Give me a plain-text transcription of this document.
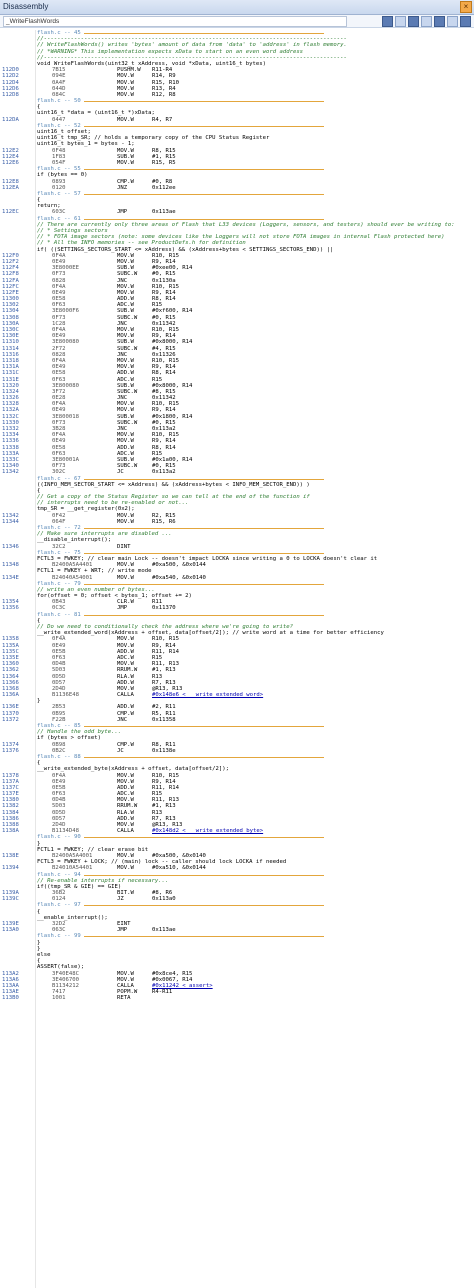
Disassembly	×
_WriteFlashWords
flash.c -- 45
//------------------------------------------------------------------------------------------
// WriteFlashWords() writes 'bytes' amount of data from 'data' to 'address' in flash memory.
// *WARNING* This implementation expects xData to start on an even word address
//------------------------------------------------------------------------------------------
void WriteFlashWords(uint32_t xAddress, void *xData, uint16_t bytes)
112D0	7B15	PUSHM.W R11-R4
112D2	094E	MOV.W	R14, R9
112D4	0A4F	MOV.W	R15, R10
112D6	044D	MOV.W	R13, R4
112D8	084C	MOV.W	R12, R8
flash.c -- 50
{
uint16_t *data = (uint16_t *)xData;
112DA	0447	MOV.W	R4, R7
flash.c -- 52
uint16_t offset;
uint16_t tmp_SR; // holds a temporary copy of the CPU Status Register
uint16_t bytes_1 = bytes - 1;
112E2	0F48	MOV.W	R8, R15
112E4	1F83	SUB.W	#1, R15
112E6	054F	MOV.W	R15, R5
flash.c -- 55
if (bytes == 0)
112E8	0893	CMP.W	#0, R8
112EA	0120	JNZ	0x112ee
flash.c -- 57
{
return;
112EC	603C	JMP	0x113ae
flash.c -- 61
// There are currently only three areas of Flash that L33 devices (Loggers, sensors, and testers) should ever be writing to:
// * Settings sectors
// * FOTA image sectors (note: some devices like the Loggers will not store FOTA images in internal Flash protected here)
// * All the INFO memories -- see ProductDefs.h for definition
if( ((SETTINGS_SECTORS_START <= xAddress) && (xAddress+bytes < SETTINGS_SECTORS_END)) ||
112F0	0F4A	MOV.W	R10, R15
112F2	0E49	MOV.W	R9, R14
112F4	3E8000EE	SUB.W	#0xee00, R14
112F8	0F73	SUBC.W	#0, R15
112FA	0828	JNC	0x1130a
112FC	0F4A	MOV.W	R10, R15
112FE	0E49	MOV.W	R9, R14
11300	0E58	ADD.W	R8, R14
11302	0F63	ADC.W	R15
11304	3E8000F6	SUB.W	#0xf600, R14
11308	0F73	SUBC.W	#0, R15
1130A	1C28	JNC	0x11342
1130C	0F4A	MOV.W	R10, R15
1130E	0E49	MOV.W	R9, R14
11310	3E800080	SUB.W	#0x8000, R14
11314	2F72	SUBC.W	#4, R15
11316	0828	JNC	0x11326
11318	0F4A	MOV.W	R10, R15
1131A	0E49	MOV.W	R9, R14
1131C	0E58	ADD.W	R8, R14
1131E	0F63	ADC.W	R15
11320	3E800080	SUB.W	#0x8000, R14
11324	3F72	SUBC.W	#8, R15
11326	0E28	JNC	0x11342
11328	0F4A	MOV.W	R10, R15
1132A	0E49	MOV.W	R9, R14
1132C	3E800018	SUB.W	#0x1800, R14
11330	0F73	SUBC.W	#0, R15
11332	3B28	JNC	0x113a2
11334	0F4A	MOV.W	R10, R15
11336	0E49	MOV.W	R9, R14
11338	0E58	ADD.W	R8, R14
1133A	0F63	ADC.W	R15
1133C	3E80001A	SUB.W	#0x1a00, R14
11340	0F73	SUBC.W	#0, R15
11342	302C	JC	0x113a2
flash.c -- 67
((INFO_MEM_SECTOR_START <= xAddress) && (xAddress+bytes < INFO_MEM_SECTOR_END)) )
{
// Get a copy of the Status Register so we can tell at the end of the function if
// interrupts need to be re-enabled or not...
tmp_SR = __get_register(0x2);
11342	0F42	MOV.W	R2, R15
11344	064F	MOV.W	R15, R6
flash.c -- 72
// Make sure interrupts are disabled ...
__disable_interrupt();
11346	32C2	DINT
flash.c -- 75
FCTL3 = FWKEY; // clear main Lock -- doesn't impact LOCKA since writing a 0 to LOCKA doesn't clear it
11348	B2400A5A4401	MOV.W	#0xa500, &0x0144
FCTL1 = FWKEY + WRT; // write mode
1134E	B24040A54001	MOV.W	#0xa540, &0x0140
flash.c -- 79
// write an even number of bytes...
for(offset = 0; offset < bytes_1; offset += 2)
11354	0B43	CLR.W	R11
11356	0C3C	JMP	0x11370
flash.c -- 81
{
// Do we need to conditionally check the address where we're going to write?
__write_extended_word(xAddress + offset, data[offset/2]); // write word at a time for better efficiency
11358	0F4A	MOV.W	R10, R15
1135A	0E49	MOV.W	R9, R14
1135C	0E5B	ADD.W	R11, R14
1135E	0F63	ADC.W	R15
11360	0D4B	MOV.W	R11, R13
11362	5D03	RRUM.W	#1, R13
11364	0D5D	RLA.W	R13
11366	0D57	ADD.W	R7, R13
11368	2D4D	MOV.W	@R13, R13
1136A	B1136E48	CALLA	#0x148e6 <___write_extended_word>
}
1136E	2B53	ADD.W	#2, R11
11370	0B95	CMP.W	R5, R11
11372	F22B	JNC	0x11358
flash.c -- 85
// Handle the odd byte...
if (bytes > offset)
11374	0B98	CMP.W	R8, R11
11376	0B2C	JC	0x1138e
flash.c -- 88
{
__write_extended_byte(xAddress + offset, data[offset/2]);
11378	0F4A	MOV.W	R10, R15
1137A	0E49	MOV.W	R9, R14
1137C	0E5B	ADD.W	R11, R14
1137E	0F63	ADC.W	R15
11380	0D4B	MOV.W	R11, R13
11382	5D03	RRUM.W	#1, R13
11384	0D5D	RLA.W	R13
11386	0D57	ADD.W	R7, R13
11388	2D4D	MOV.W	@R13, R13
1138A	B1134D48	CALLA	#0x148d2 <___write_extended_byte>
flash.c -- 90
}
FCTL1 = FWKEY; // clear erase bit
1138E	B2400A5A4001	MOV.W	#0xa500, &0x0140
FCTL3 = FWKEY + LOCK; // (main) lock -- caller should lock LOCKA if needed
11394	B24010A54401	MOV.W	#0xa510, &0x0144
flash.c -- 94
// Re-enable interrupts if necessary...
if((tmp_SR & GIE) == GIE)
1139A	36B2	BIT.W	#8, R6
1139C	0124	JZ	0x113a0
flash.c -- 97
{
__enable_interrupt();
1139E	32D2	EINT
113A0	063C	JMP	0x113ae
flash.c -- 99
}
}
else
{
ASSERT(false);
113A2	3F40E48C	MOV.W	#0x8ce4, R15
113A6	3E406700	MOV.W	#0x0067, R14
113AA	B1134212	CALLA	#0x11242 <_assert>
113AE	7417	POPM.W	R4-R11
113B0	1001	RETA
